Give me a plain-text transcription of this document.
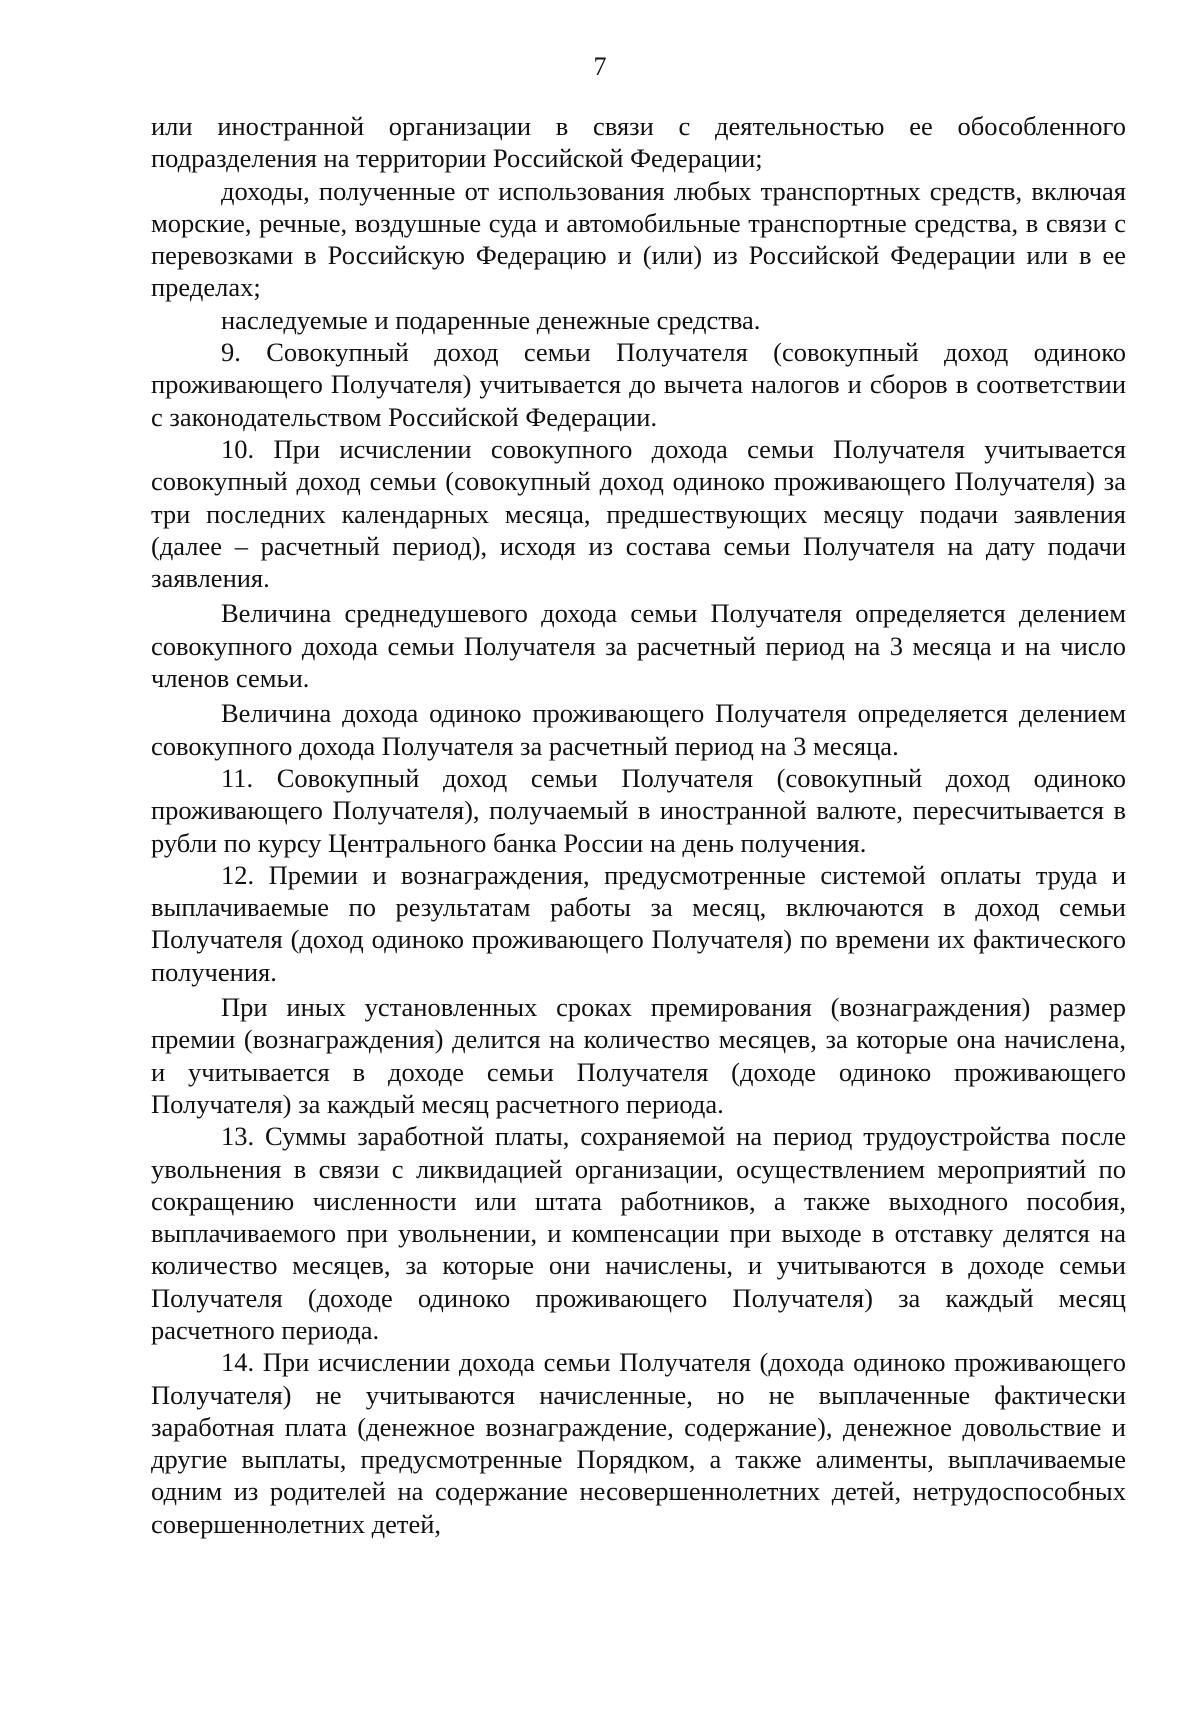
7

или иностранной организации в связи с деятельностью ее обособленного подразделения на территории Российской Федерации;

доходы, полученные от использования любых транспортных средств, включая морские, речные, воздушные суда и автомобильные транспортные средства, в связи с перевозками в Российскую Федерацию и (или) из Российской Федерации или в ее пределах;

наследуемые и подаренные денежные средства.

9. Совокупный доход семьи Получателя (совокупный доход одиноко проживающего Получателя) учитывается до вычета налогов и сборов в соответствии с законодательством Российской Федерации.

10. При исчислении совокупного дохода семьи Получателя учитывается совокупный доход семьи (совокупный доход одиноко проживающего Получателя) за три последних календарных месяца, предшествующих месяцу подачи заявления (далее – расчетный период), исходя из состава семьи Получателя на дату подачи заявления.

Величина среднедушевого дохода семьи Получателя определяется делением совокупного дохода семьи Получателя за расчетный период на 3 месяца и на число членов семьи.

Величина дохода одиноко проживающего Получателя определяется делением совокупного дохода Получателя за расчетный период на 3 месяца.

11. Совокупный доход семьи Получателя (совокупный доход одиноко проживающего Получателя), получаемый в иностранной валюте, пересчитывается в рубли по курсу Центрального банка России на день получения.

12. Премии и вознаграждения, предусмотренные системой оплаты труда и выплачиваемые по результатам работы за месяц, включаются в доход семьи Получателя (доход одиноко проживающего Получателя) по времени их фактического получения.

При иных установленных сроках премирования (вознаграждения) размер премии (вознаграждения) делится на количество месяцев, за которые она начислена, и учитывается в доходе семьи Получателя (доходе одиноко проживающего Получателя) за каждый месяц расчетного периода.

13. Суммы заработной платы, сохраняемой на период трудоустройства после увольнения в связи с ликвидацией организации, осуществлением мероприятий по сокращению численности или штата работников, а также выходного пособия, выплачиваемого при увольнении, и компенсации при выходе в отставку делятся на количество месяцев, за которые они начислены, и учитываются в доходе семьи Получателя (доходе одиноко проживающего Получателя) за каждый месяц расчетного периода.

14. При исчислении дохода семьи Получателя (дохода одиноко проживающего Получателя) не учитываются начисленные, но не выплаченные фактически заработная плата (денежное вознаграждение, содержание), денежное довольствие и другие выплаты, предусмотренные Порядком, а также алименты, выплачиваемые одним из родителей на содержание несовершеннолетних детей, нетрудоспособных совершеннолетних детей,
